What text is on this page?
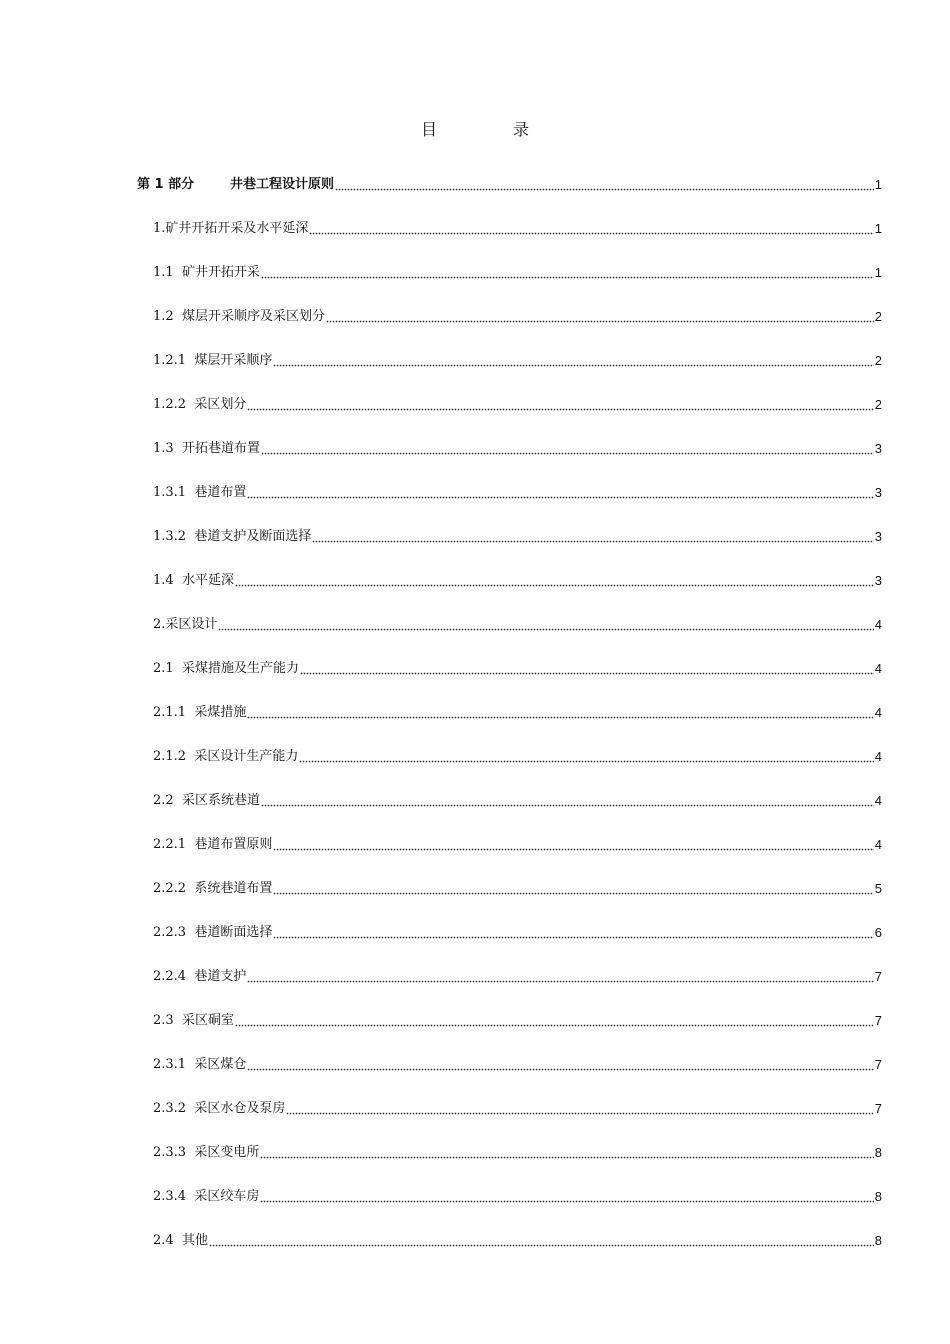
目　录
第 1 部分	井巷工程设计原则	1
1.矿井开拓开采及水平延深	1
1.1  矿井开拓开采	1
1.2  煤层开采顺序及采区划分	2
1.2.1  煤层开采顺序	2
1.2.2  采区划分	2
1.3  开拓巷道布置	3
1.3.1  巷道布置	3
1.3.2  巷道支护及断面选择	3
1.4  水平延深	3
2.采区设计	4
2.1  采煤措施及生产能力	4
2.1.1  采煤措施	4
2.1.2  采区设计生产能力	4
2.2  采区系统巷道	4
2.2.1  巷道布置原则	4
2.2.2  系统巷道布置	5
2.2.3  巷道断面选择	6
2.2.4  巷道支护	7
2.3  采区硐室	7
2.3.1  采区煤仓	7
2.3.2  采区水仓及泵房	7
2.3.3  采区变电所	8
2.3.4  采区绞车房	8
2.4  其他	8
